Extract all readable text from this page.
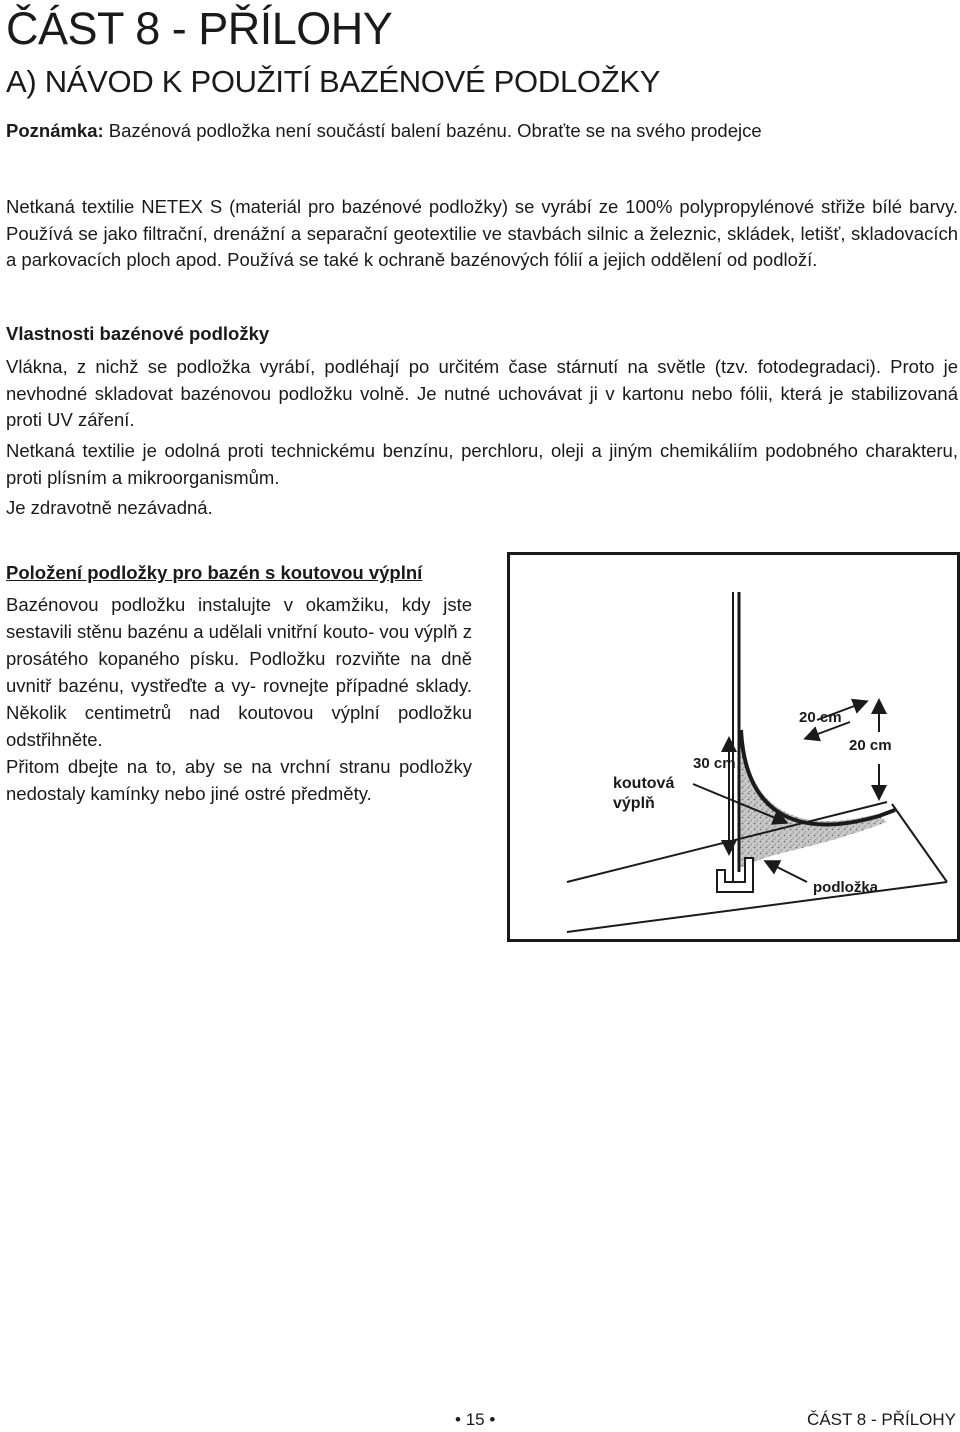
ČÁST 8 - PŘÍLOHY
A) NÁVOD K POUŽITÍ BAZÉNOVÉ PODLOŽKY

Poznámka: Bazénová podložka není součástí balení bazénu. Obraťte se na svého prodejce

Netkaná textilie NETEX S (materiál pro bazénové podložky) se vyrábí ze 100% polypropylénové střiže bílé barvy. Používá se jako filtrační, drenážní a separační geotextilie ve stavbách silnic a železnic, skládek, letišť, skladovacích a parkovacích ploch apod. Používá se také k ochraně bazénových fólií a jejich oddělení od podloží.

Vlastnosti bazénové podložky

Vlákna, z nichž se podložka vyrábí, podléhají po určitém čase stárnutí na světle (tzv. fotodegradaci). Proto je nevhodné skladovat bazénovou podložku volně. Je nutné uchovávat ji v kartonu nebo fólii, která je stabilizovaná proti UV záření.

Netkaná textilie je odolná proti technickému benzínu, perchloru, oleji a jiným chemikáliím podobného charakteru, proti plísním a mikroorganismům.

Je zdravotně nezávadná.

Položení podložky pro bazén s koutovou výplní

Bazénovou podložku instalujte v okamžiku, kdy jste sestavili stěnu bazénu a udělali vnitřní kouto- vou výplň z prosátého kopaného písku. Podložku rozviňte na dně uvnitř bazénu, vystřeďte a vy- rovnejte případné sklady. Několik centimetrů nad koutovou výplní podložku odstřihněte.

Přitom dbejte na to, aby se na vrchní stranu podložky nedostaly kamínky nebo jiné ostré předměty.

20 cm
20 cm
30 cm
koutová
výplň
podložka
• 15 •	ČÁST 8 - PŘÍLOHY
